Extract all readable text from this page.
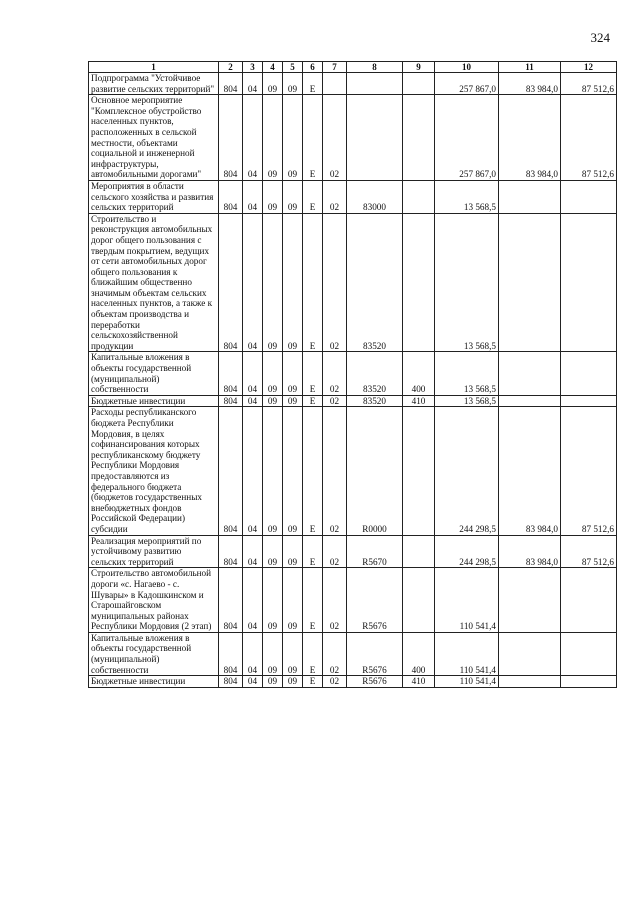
324
1	2	3	4	5	6	7	8	9	10	11	12
Подпрограмма "Устойчивое развитие сельских территорий"	804	04	09	09	Е				257 867,0	83 984,0	87 512,6
Основное мероприятие "Комплексное обустройство населенных пунктов, расположенных в сельской местности, объектами социальной и инженерной инфраструктуры, автомобильными дорогами"	804	04	09	09	Е	02			257 867,0	83 984,0	87 512,6
Мероприятия в области сельского хозяйства и развития сельских территорий	804	04	09	09	Е	02	83000		13 568,5		
Строительство и реконструкция автомобильных дорог общего пользования с твердым покрытием, ведущих от сети автомобильных дорог общего пользования к ближайшим общественно значимым объектам сельских населенных пунктов, а также к объектам производства и переработки сельскохозяйственной продукции	804	04	09	09	Е	02	83520		13 568,5		
Капитальные вложения в объекты государственной (муниципальной) собственности	804	04	09	09	Е	02	83520	400	13 568,5		
Бюджетные инвестиции	804	04	09	09	Е	02	83520	410	13 568,5		
Расходы республиканского бюджета Республики Мордовия, в целях софинансирования которых республиканскому бюджету Республики Мордовия предоставляются из федерального бюджета (бюджетов государственных внебюджетных фондов Российской Федерации) субсидии	804	04	09	09	Е	02	R0000		244 298,5	83 984,0	87 512,6
Реализация мероприятий по устойчивому развитию сельских территорий	804	04	09	09	Е	02	R5670		244 298,5	83 984,0	87 512,6
Строительство автомобильной дороги «с. Нагаево - с. Шувары» в Кадошкинском и Старошайговском муниципальных районах Республики Мордовия (2 этап)	804	04	09	09	Е	02	R5676		110 541,4		
Капитальные вложения в объекты государственной (муниципальной) собственности	804	04	09	09	Е	02	R5676	400	110 541,4		
Бюджетные инвестиции	804	04	09	09	Е	02	R5676	410	110 541,4		
